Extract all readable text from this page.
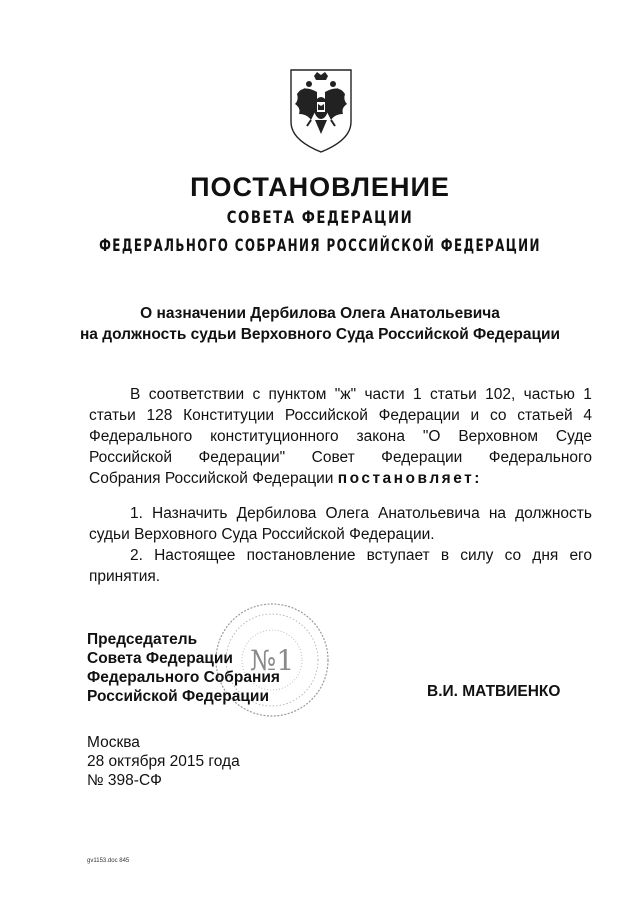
ПОСТАНОВЛЕНИЕ
СОВЕТА ФЕДЕРАЦИИ
ФЕДЕРАЛЬНОГО СОБРАНИЯ РОССИЙСКОЙ ФЕДЕРАЦИИ
О назначении Дербилова Олега Анатольевича
на должность судьи Верховного Суда Российской Федерации
В соответствии с пунктом "ж" части 1 статьи 102, частью 1
статьи 128 Конституции Российской Федерации и со статьей 4
Федерального конституционного закона "О Верховном Суде
Российской Федерации" Совет Федерации Федерального
Собрания Российской Федерации постановляет:
1. Назначить Дербилова Олега Анатольевича на должность
судьи Верховного Суда Российской Федерации.
2. Настоящее постановление вступает в силу со дня его
принятия.
№1
Председатель
Совета Федерации
Федерального Собрания
Российской Федерации	В.И. МАТВИЕНКО
Москва
28 октября 2015 года
№ 398-СФ
gv1153.doc 845
